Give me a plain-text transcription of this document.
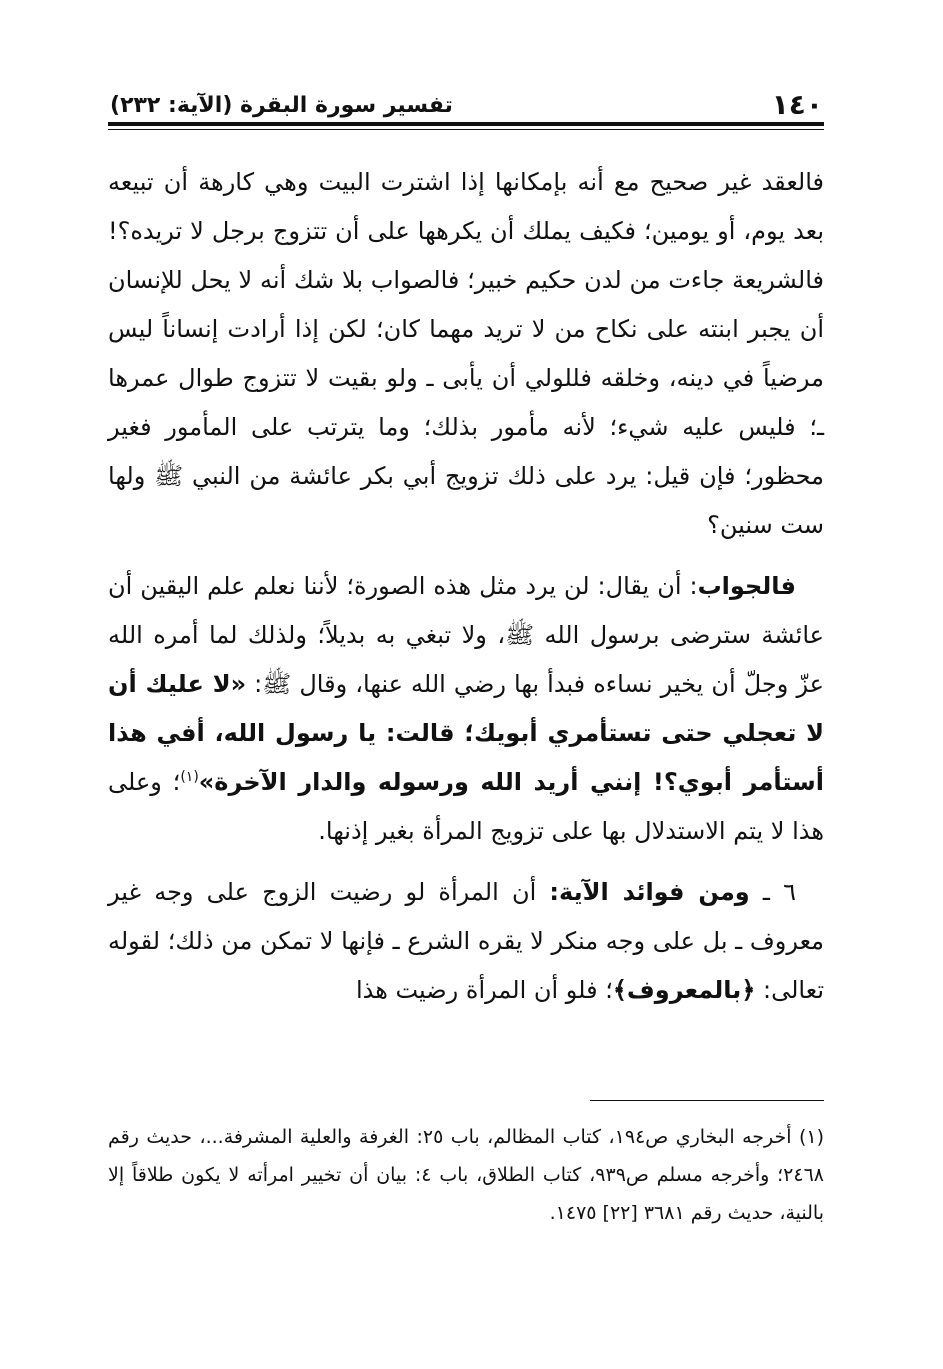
١٤٠
تفسير سورة البقرة (الآية: ٢٣٢)

فالعقد غير صحيح مع أنه بإمكانها إذا اشترت البيت وهي كارهة أن تبيعه بعد يوم، أو يومين؛ فكيف يملك أن يكرهها على أن تتزوج برجل لا تريده؟! فالشريعة جاءت من لدن حكيم خبير؛ فالصواب بلا شك أنه لا يحل للإنسان أن يجبر ابنته على نكاح من لا تريد مهما كان؛ لكن إذا أرادت إنساناً ليس مرضياً في دينه، وخلقه فللولي أن يأبى ـ ولو بقيت لا تتزوج طوال عمرها ـ؛ فليس عليه شيء؛ لأنه مأمور بذلك؛ وما يترتب على المأمور فغير محظور؛ فإن قيل: يرد على ذلك تزويج أبي بكر عائشة من النبي ﷺ ولها ست سنين؟

فالجواب: أن يقال: لن يرد مثل هذه الصورة؛ لأننا نعلم علم اليقين أن عائشة سترضى برسول الله ﷺ، ولا تبغي به بديلاً؛ ولذلك لما أمره الله عزّ وجلّ أن يخير نساءه فبدأ بها رضي الله عنها، وقال ﷺ: «لا عليك أن لا تعجلي حتى تستأمري أبويك؛ قالت: يا رسول الله، أفي هذا أستأمر أبوي؟! إنني أريد الله ورسوله والدار الآخرة»$^{(١)}$؛ وعلى هذا لا يتم الاستدلال بها على تزويج المرأة بغير إذنها.

٦ ـ ومن فوائد الآية: أن المرأة لو رضيت الزوج على وجه غير معروف ـ بل على وجه منكر لا يقره الشرع ـ فإنها لا تمكن من ذلك؛ لقوله تعالى: ﴿بالمعروف﴾؛ فلو أن المرأة رضيت هذا

(١) أخرجه البخاري ص١٩٤، كتاب المظالم، باب ٢٥: الغرفة والعلية المشرفة...، حديث رقم ٢٤٦٨؛ وأخرجه مسلم ص٩٣٩، كتاب الطلاق، باب ٤: بيان أن تخيير امرأته لا يكون طلاقاً إلا بالنية، حديث رقم ٣٦٨١ [٢٢] ١٤٧٥.
